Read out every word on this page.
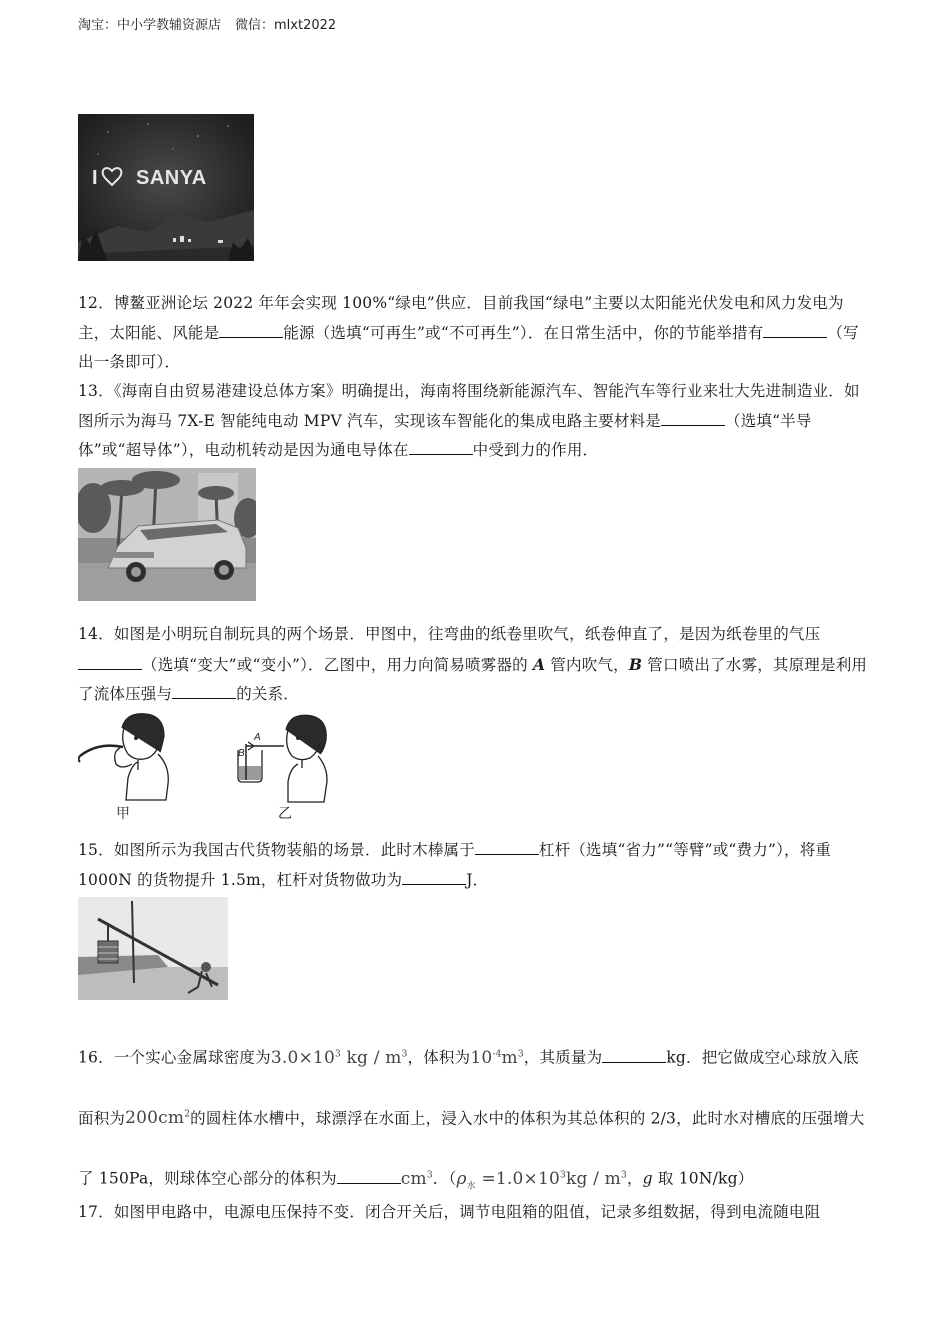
淘宝：中小学教辅资源店 微信：mlxt2022
I SANYA
12．博鳌亚洲论坛 2022 年年会实现 100%“绿电”供应．目前我国“绿电”主要以太阳能光伏发电和风力发电为主，太阳能、风能是	能源（选填“可再生”或“不可再生”）．在日常生活中，你的节能举措有	（写出一条即可）．
13．《海南自由贸易港建设总体方案》明确提出，海南将围绕新能源汽车、智能汽车等行业来壮大先进制造业．如图所示为海马 7X-E 智能纯电动 MPV 汽车，实现该车智能化的集成电路主要材料是	（选填“半导体”或“超导体”），电动机转动是因为通电导体在	中受到力的作用．
14．如图是小明玩自制玩具的两个场景．甲图中，往弯曲的纸卷里吹气，纸卷伸直了，是因为纸卷里的气压（选填“变大”或“变小”）．乙图中，用力向简易喷雾器的 A 管内吹气，B 管口喷出了水雾，其原理是利用了流体压强与	的关系．
A
B
甲	乙
15．如图所示为我国古代货物装船的场景．此时木棒属于	杠杆（选填“省力”“等臂”或“费力”），将重 1000N 的货物提升 1.5m，杠杆对货物做功为	J．
16．一个实心金属球密度为$3.0\times 10^3$ kg / $m^3$，体积为$10^{-4}m^3$，其质量为	kg．把它做成空心球放入底面积为$200cm^2$的圆柱体水槽中，球漂浮在水面上，浸入水中的体积为其总体积的 2/3，此时水对槽底的压强增大了 150Pa，则球体空心部分的体积为	$cm^3$．（$\rho_水 =1.0\times 10^3kg / m^3$，g 取 10N/kg）
17．如图甲电路中，电源电压保持不变．闭合开关后，调节电阻箱的阻值，记录多组数据，得到电流随电阻
